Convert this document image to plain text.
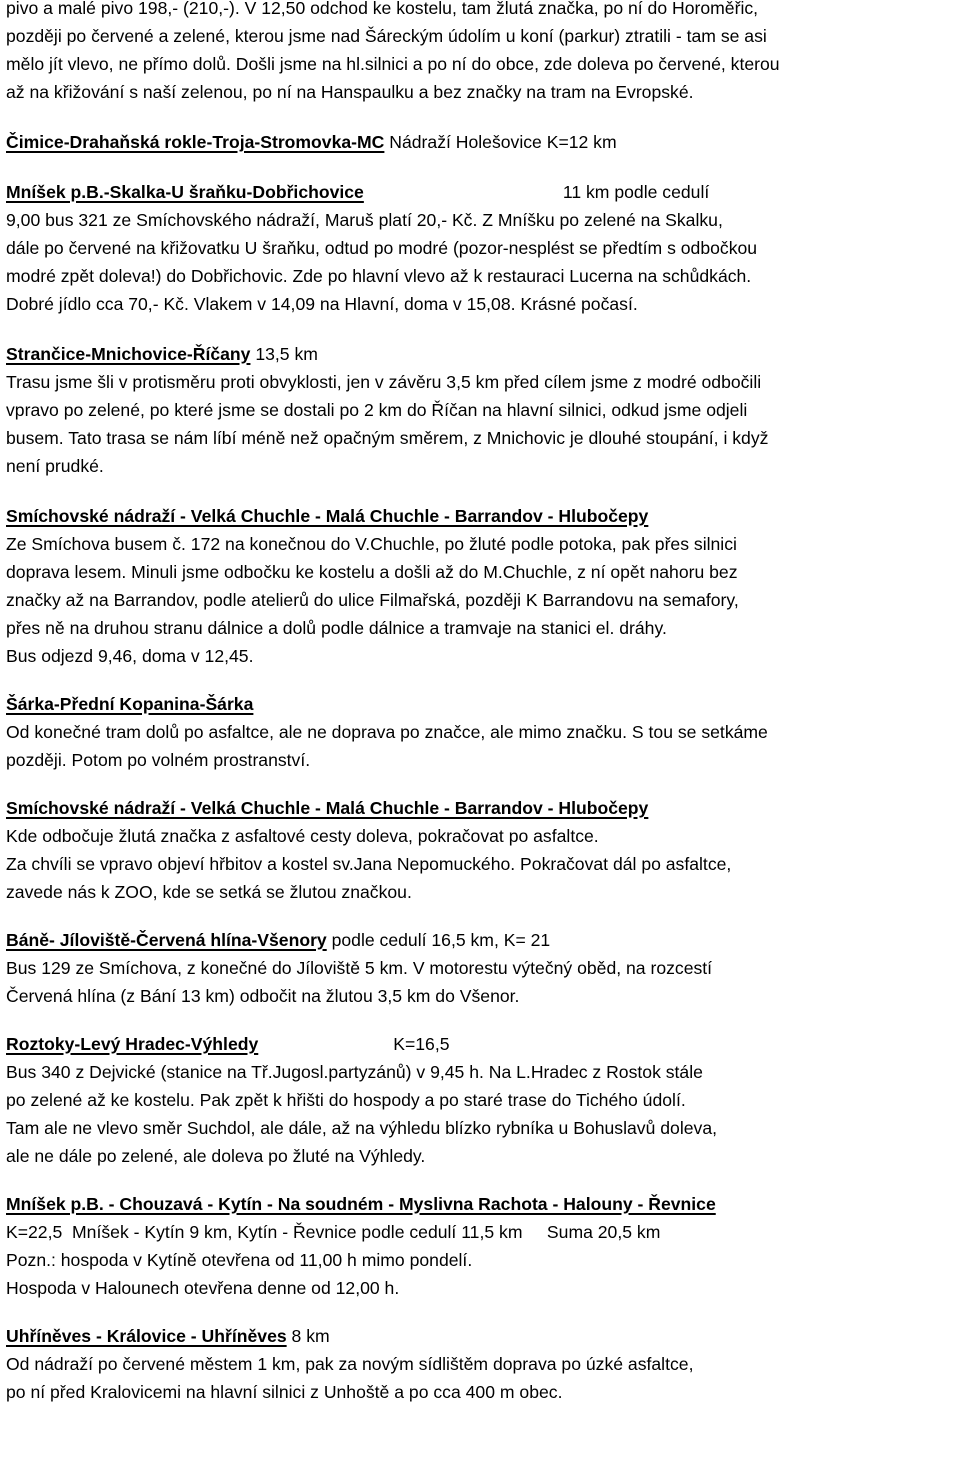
pivo a malé pivo 198,- (210,-). V 12,50 odchod ke kostelu, tam žlutá značka, po ní do Horoměřic,
později po červené a zelené, kterou jsme nad Šáreckým údolím u koní (parkur) ztratili - tam se asi
mělo jít vlevo, ne přímo dolů. Došli jsme na hl.silnici a po ní do obce, zde doleva po červené, kterou
až na křižování s naší zelenou, po ní na Hanspaulku a bez značky na tram na Evropské.
Čimice-Drahaňská rokle-Troja-Stromovka-MC Nádraží Holešovice K=12 km
Mníšek p.B.-Skalka-U šraňku-Dobřichovice	11 km podle cedulí
9,00 bus 321 ze Smíchovského nádraží, Maruš platí 20,- Kč. Z Mníšku po zelené na Skalku,
dále po červené na křižovatku U šraňku, odtud po modré (pozor-nesplést se předtím s odbočkou
modré zpět doleva!) do Dobřichovic. Zde po hlavní vlevo až k restauraci Lucerna na schůdkách.
Dobré jídlo cca 70,- Kč. Vlakem v 14,09 na Hlavní, doma v 15,08. Krásné počasí.
Strančice-Mnichovice-Říčany 13,5 km
Trasu jsme šli v protisměru proti obvyklosti, jen v závěru 3,5 km před cílem jsme z modré odbočili
vpravo po zelené, po které jsme se dostali po 2 km do Říčan na hlavní silnici, odkud jsme odjeli
busem. Tato trasa se nám líbí méně než opačným směrem, z Mnichovic je dlouhé stoupání, i když
není prudké.
Smíchovské nádraží - Velká Chuchle - Malá Chuchle - Barrandov - Hlubočepy
Ze Smíchova busem č. 172 na konečnou do V.Chuchle, po žluté podle potoka, pak přes silnici
doprava lesem. Minuli jsme odbočku ke kostelu a došli až do M.Chuchle, z ní opět nahoru bez
značky až na Barrandov, podle atelierů do ulice Filmařská, později K Barrandovu na semafory,
přes ně na druhou stranu dálnice a dolů podle dálnice a tramvaje na stanici el. dráhy.
Bus odjezd 9,46, doma v 12,45.
Šárka-Přední Kopanina-Šárka
Od konečné tram dolů po asfaltce, ale ne doprava po značce, ale mimo značku. S tou se setkáme
později. Potom po volném prostranství.
Smíchovské nádraží - Velká Chuchle - Malá Chuchle - Barrandov - Hlubočepy
Kde odbočuje žlutá značka z asfaltové cesty doleva, pokračovat po asfaltce.
Za chvíli se vpravo objeví hřbitov a kostel sv.Jana Nepomuckého. Pokračovat dál po asfaltce,
zavede nás k ZOO, kde se setká se žlutou značkou.
Báně- Jíloviště-Červená hlína-Všenory podle cedulí 16,5 km, K= 21
Bus 129 ze Smíchova, z konečné do Jíloviště 5 km. V motorestu výtečný oběd, na rozcestí
Červená hlína (z Bání 13 km) odbočit na žlutou 3,5 km do Všenor.
Roztoky-Levý Hradec-Výhledy	K=16,5
Bus 340 z Dejvické (stanice na Tř.Jugosl.partyzánů) v 9,45 h. Na L.Hradec z Rostok stále
po zelené až ke kostelu. Pak zpět k hřišti do hospody a po staré trase do Tichého údolí.
Tam ale ne vlevo směr Suchdol, ale dále, až na výhledu blízko rybníka u Bohuslavů doleva,
ale ne dále po zelené, ale doleva po žluté na Výhledy.
Mníšek p.B. - Chouzavá - Kytín - Na soudném - Myslivna Rachota - Halouny - Řevnice
K=22,5  Mníšek - Kytín 9 km, Kytín - Řevnice podle cedulí 11,5 km     Suma 20,5 km
Pozn.: hospoda v Kytíně otevřena od 11,00 h mimo pondelí.
Hospoda v Halounech otevřena denne od 12,00 h.
Uhříněves - Královice - Uhříněves 8 km
Od nádraží po červené městem 1 km, pak za novým sídlištěm doprava po úzké asfaltce,
po ní před Kralovicemi na hlavní silnici z Unhoště a po cca 400 m obec.
